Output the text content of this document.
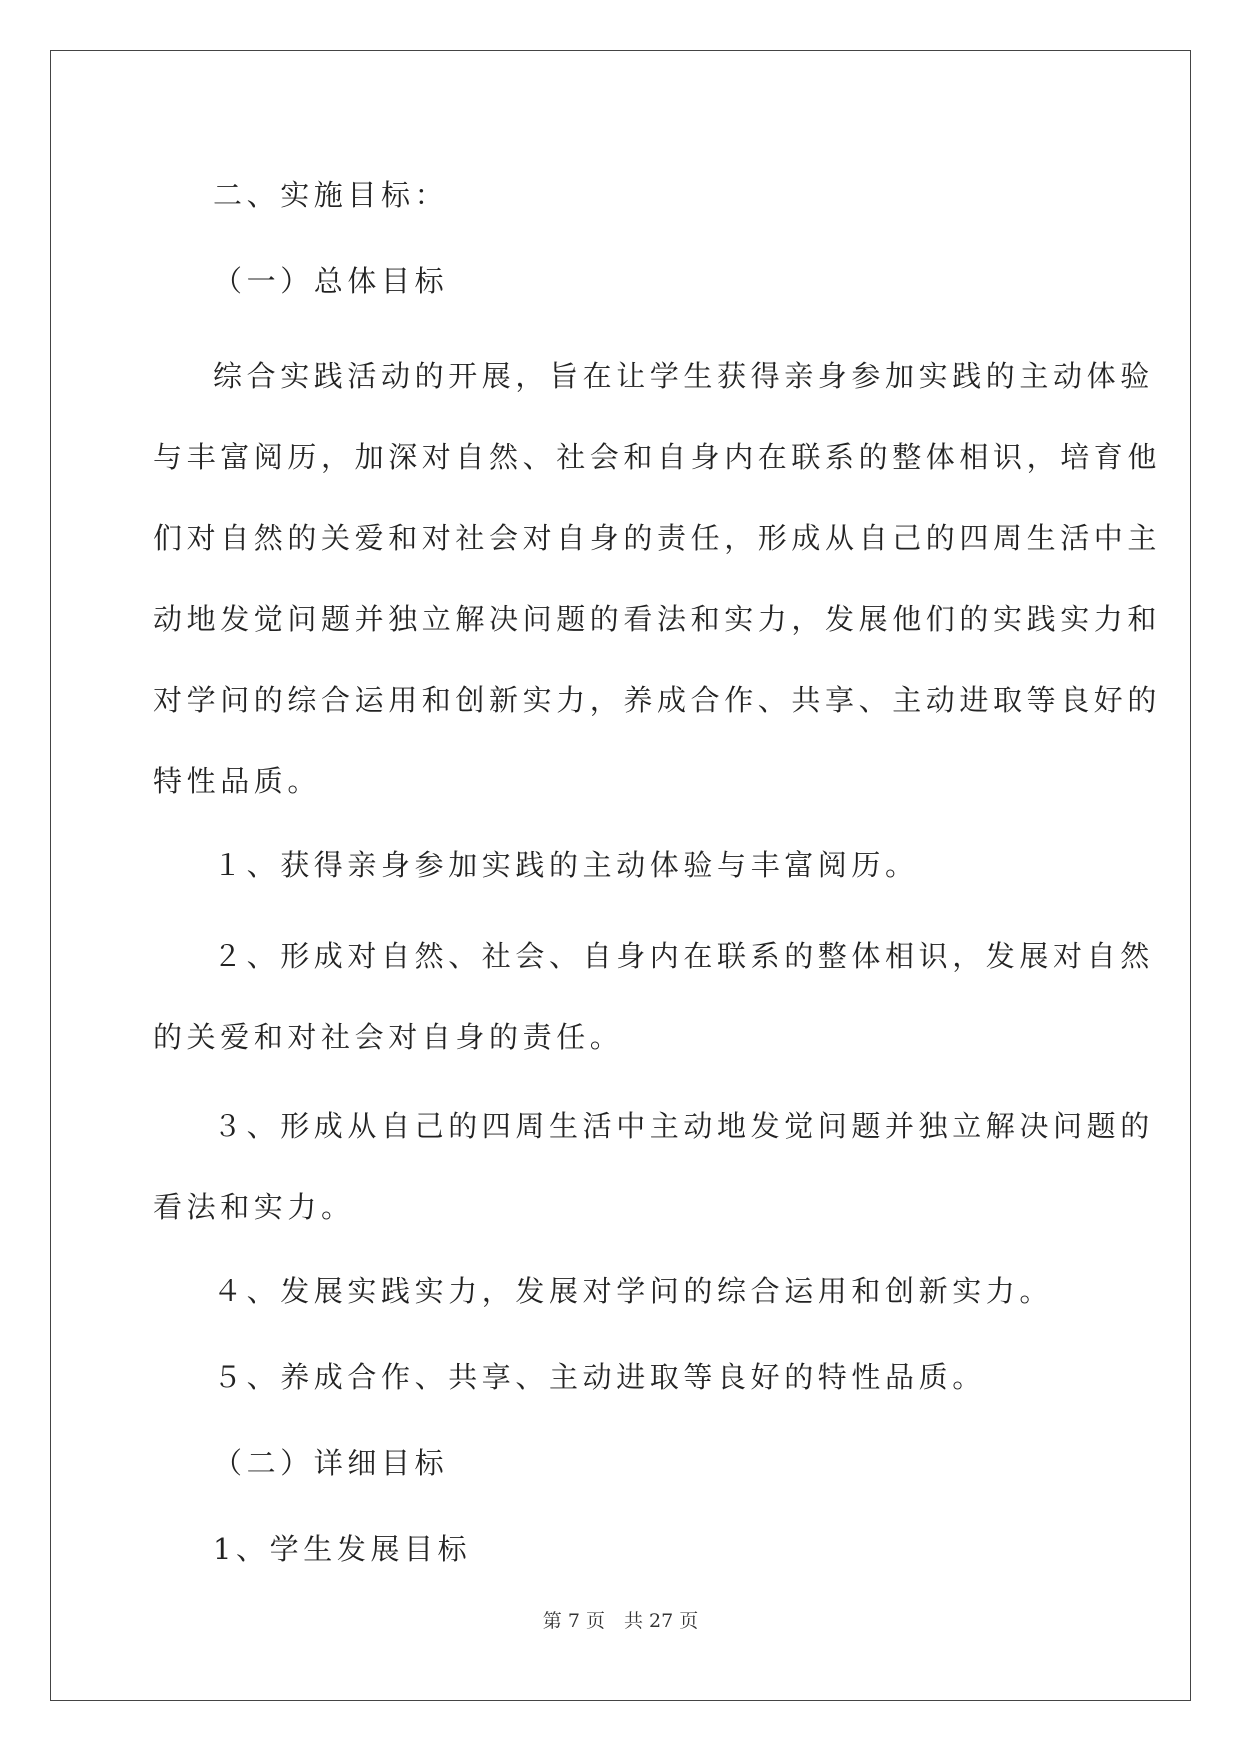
二、实施目标：

（一）总体目标

综合实践活动的开展，旨在让学生获得亲身参加实践的主动体验

与丰富阅历，加深对自然、社会和自身内在联系的整体相识，培育他

们对自然的关爱和对社会对自身的责任，形成从自己的四周生活中主

动地发觉问题并独立解决问题的看法和实力，发展他们的实践实力和

对学问的综合运用和创新实力，养成合作、共享、主动进取等良好的

特性品质。

１、获得亲身参加实践的主动体验与丰富阅历。

２、形成对自然、社会、自身内在联系的整体相识，发展对自然

的关爱和对社会对自身的责任。

３、形成从自己的四周生活中主动地发觉问题并独立解决问题的

看法和实力。

４、发展实践实力，发展对学问的综合运用和创新实力。

５、养成合作、共享、主动进取等良好的特性品质。

（二）详细目标

1、学生发展目标

第 7 页　共 27 页
